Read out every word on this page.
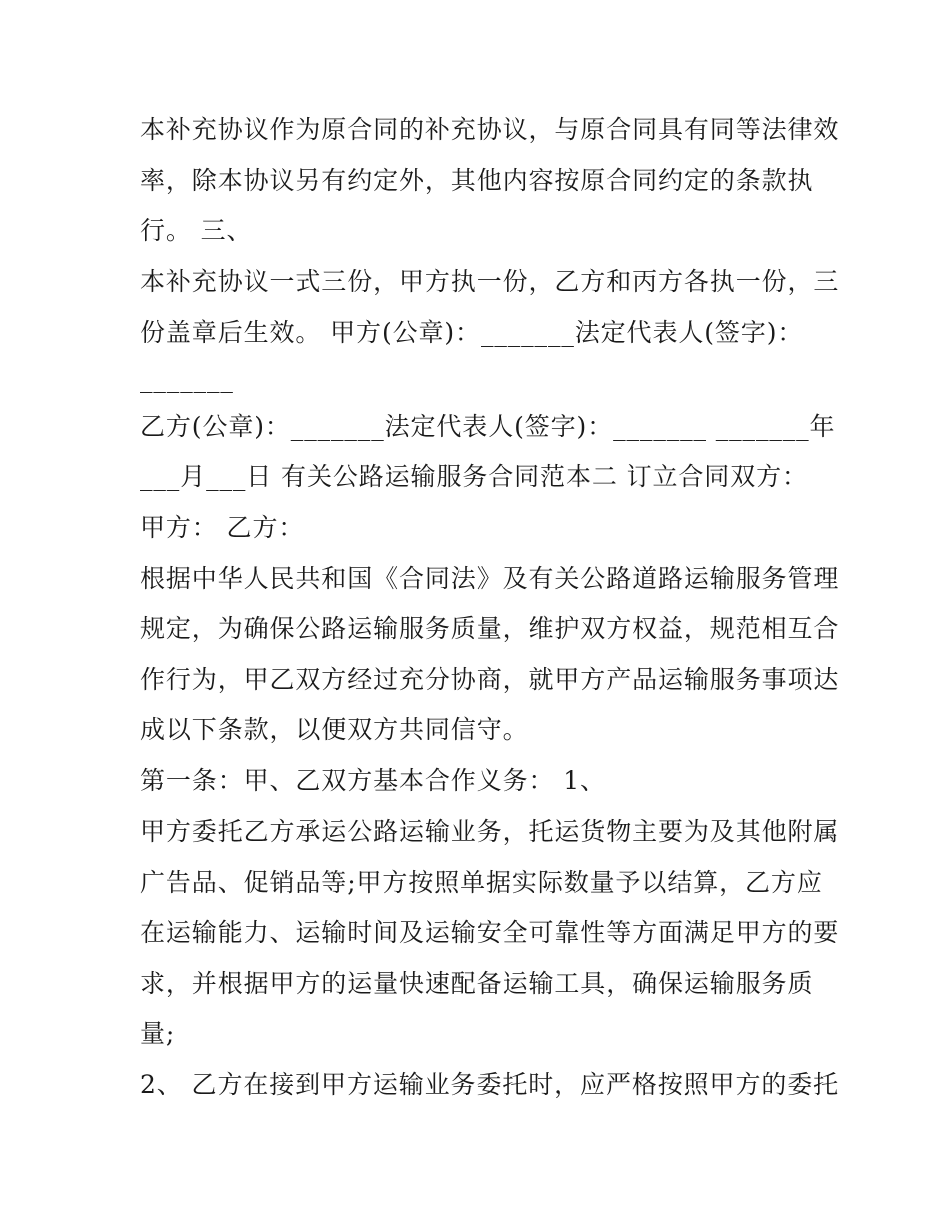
本补充协议作为原合同的补充协议，与原合同具有同等法律效
率，除本协议另有约定外，其他内容按原合同约定的条款执
行。 三、
本补充协议一式三份，甲方执一份，乙方和丙方各执一份，三
份盖章后生效。 甲方(公章)：_______法定代表人(签字)：
_______
乙方(公章)：_______法定代表人(签字)：_______ _______年
___月___日 有关公路运输服务合同范本二 订立合同双方：
甲方： 乙方：
根据中华人民共和国《合同法》及有关公路道路运输服务管理
规定，为确保公路运输服务质量，维护双方权益，规范相互合
作行为，甲乙双方经过充分协商，就甲方产品运输服务事项达
成以下条款，以便双方共同信守。
第一条：甲、乙双方基本合作义务： 1、
甲方委托乙方承运公路运输业务，托运货物主要为及其他附属
广告品、促销品等;甲方按照单据实际数量予以结算，乙方应
在运输能力、运输时间及运输安全可靠性等方面满足甲方的要
求，并根据甲方的运量快速配备运输工具，确保运输服务质
量;
2、 乙方在接到甲方运输业务委托时，应严格按照甲方的委托
